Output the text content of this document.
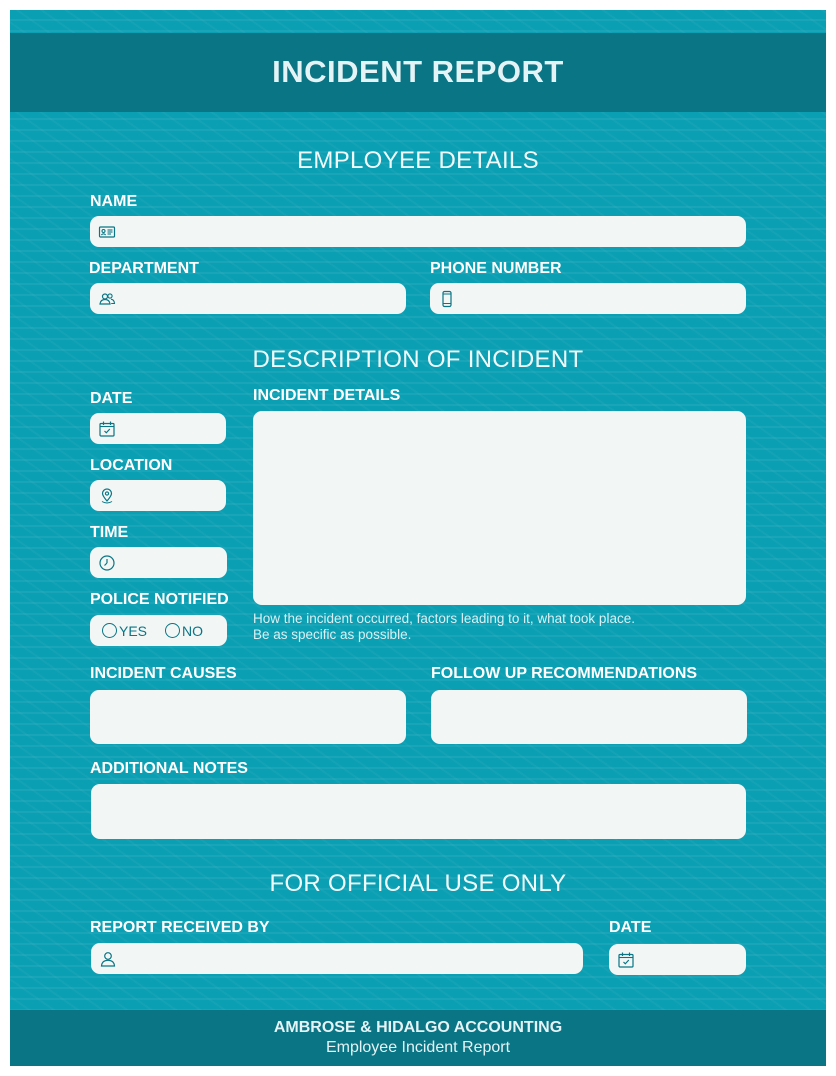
INCIDENT REPORT
EMPLOYEE DETAILS
NAME
DEPARTMENT	PHONE NUMBER
DESCRIPTION OF INCIDENT
DATE
LOCATION
TIME
POLICE NOTIFIED
YES NO
INCIDENT DETAILS
How the incident occurred, factors leading to it, what took place.
Be as specific as possible.
INCIDENT CAUSES	FOLLOW UP RECOMMENDATIONS
ADDITIONAL NOTES
FOR OFFICIAL USE ONLY
REPORT RECEIVED BY	DATE
AMBROSE & HIDALGO ACCOUNTING
Employee Incident Report
